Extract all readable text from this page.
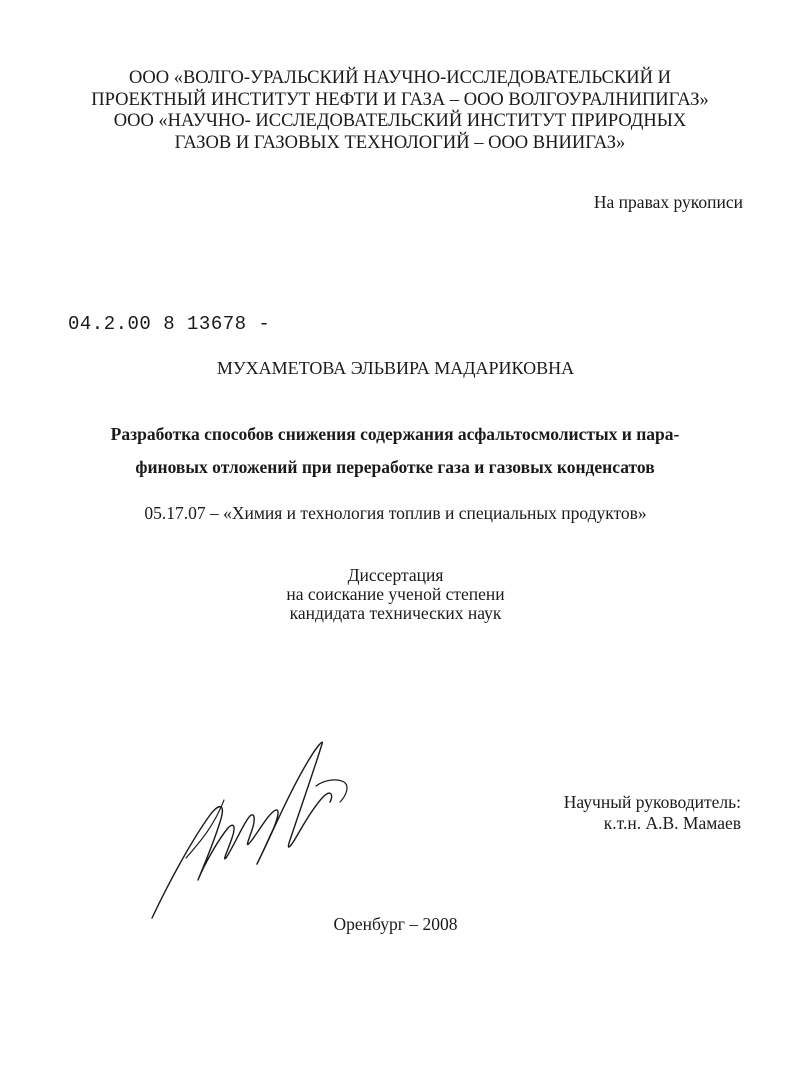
ООО «ВОЛГО-УРАЛЬСКИЙ НАУЧНО-ИССЛЕДОВАТЕЛЬСКИЙ И
ПРОЕКТНЫЙ ИНСТИТУТ НЕФТИ И ГАЗА – ООО ВОЛГОУРАЛНИПИГАЗ»
ООО «НАУЧНО- ИССЛЕДОВАТЕЛЬСКИЙ ИНСТИТУТ ПРИРОДНЫХ
ГАЗОВ И ГАЗОВЫХ ТЕХНОЛОГИЙ – ООО ВНИИГАЗ»
На правах рукописи
04.2.00 8 13678 -
МУХАМЕТОВА ЭЛЬВИРА МАДАРИКОВНА
Разработка способов снижения содержания асфальтосмолистых и пара-
финовых отложений при переработке газа и газовых конденсатов
05.17.07 – «Химия и технология топлив и специальных продуктов»
Диссертация
на соискание ученой степени
кандидата технических наук
Научный руководитель:
к.т.н. А.В. Мамаев
Оренбург – 2008
